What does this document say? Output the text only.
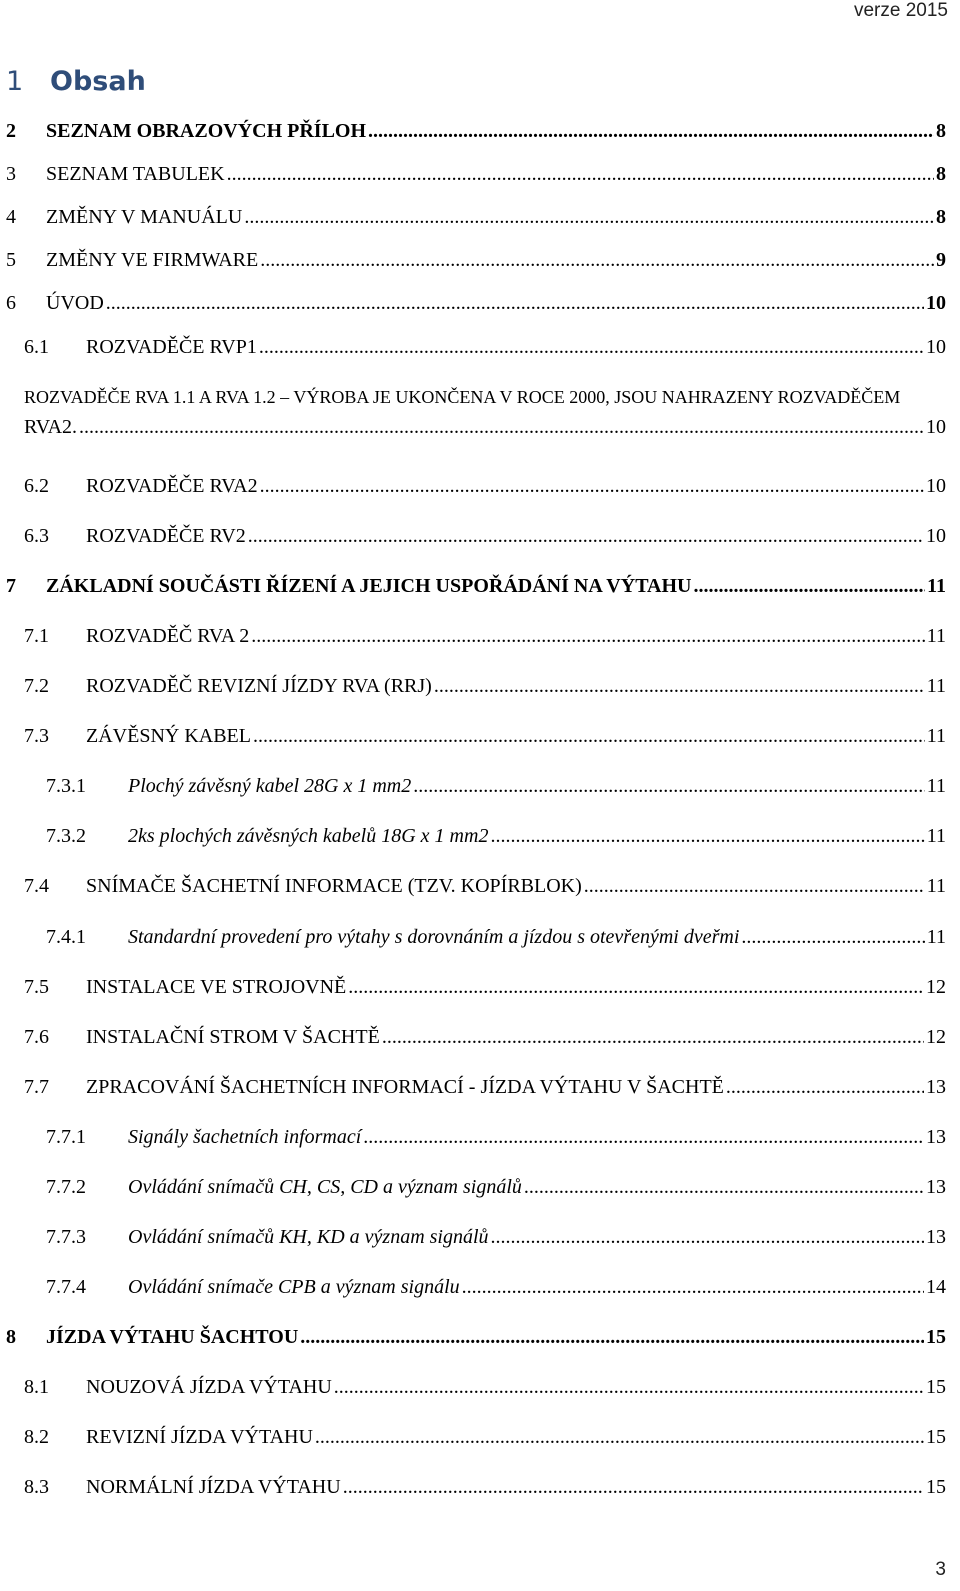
verze 2015
1 Obsah
2	SEZNAM OBRAZOVÝCH PŘÍLOH .....	8
3	SEZNAM TABULEK .....	8
4	ZMĚNY V MANUÁLU .....	8
5	ZMĚNY VE FIRMWARE .....	9
6	ÚVOD .....	10
6.1	ROZVADĚČE RVP1 .....	10
ROZVADĚČE RVA 1.1 A RVA 1.2 – VÝROBA JE UKONČENA V ROCE 2000, JSOU NAHRAZENY ROZVADĚČEM
RVA2. .....	10
6.2	ROZVADĚČE RVA2 .....	10
6.3	ROZVADĚČE RV2 .....	10
7	ZÁKLADNÍ SOUČÁSTI ŘÍZENÍ A JEJICH USPOŘÁDÁNÍ NA VÝTAHU .....	11
7.1	ROZVADĚČ RVA 2 .....	11
7.2	ROZVADĚČ REVIZNÍ JÍZDY RVA (RRJ) .....	11
7.3	ZÁVĚSNÝ KABEL .....	11
7.3.1	Plochý závěsný kabel 28G x 1 mm2 .....	11
7.3.2	2ks plochých závěsných kabelů 18G x 1 mm2 .....	11
7.4	SNÍMAČE ŠACHETNÍ INFORMACE (TZV. KOPÍRBLOK) .....	11
7.4.1	Standardní provedení pro výtahy s dorovnáním a jízdou s otevřenými dveřmi .....	11
7.5	INSTALACE VE STROJOVNĚ .....	12
7.6	INSTALAČNÍ STROM V ŠACHTĚ .....	12
7.7	ZPRACOVÁNÍ ŠACHETNÍCH INFORMACÍ - JÍZDA VÝTAHU V ŠACHTĚ .....	13
7.7.1	Signály šachetních informací .....	13
7.7.2	Ovládání snímačů CH, CS, CD a význam signálů .....	13
7.7.3	Ovládání snímačů KH, KD a význam signálů .....	13
7.7.4	Ovládání snímače CPB a význam signálu .....	14
8	JÍZDA VÝTAHU ŠACHTOU .....	15
8.1	NOUZOVÁ JÍZDA VÝTAHU .....	15
8.2	REVIZNÍ JÍZDA VÝTAHU .....	15
8.3	NORMÁLNÍ JÍZDA VÝTAHU .....	15
3
